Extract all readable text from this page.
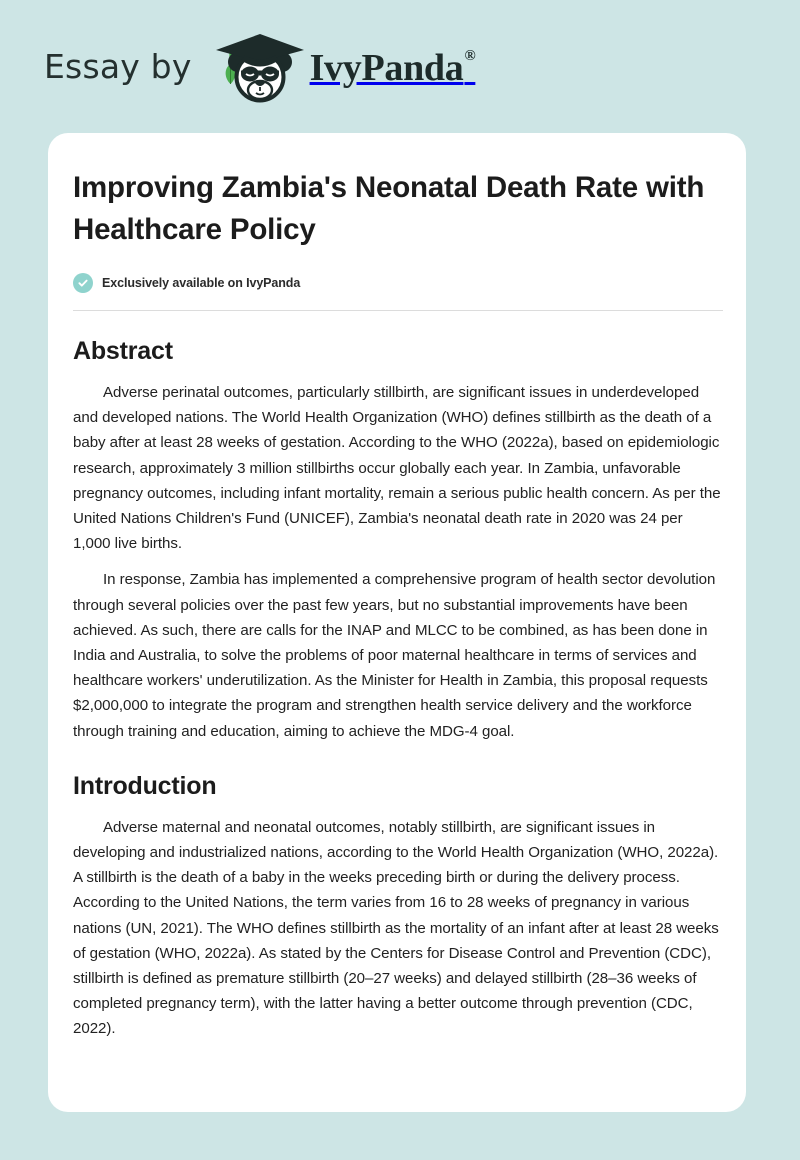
Essay by	IvyPanda®
Improving Zambia's Neonatal Death Rate with Healthcare Policy
Exclusively available on IvyPanda
Abstract

Adverse perinatal outcomes, particularly stillbirth, are significant issues in underdeveloped and developed nations. The World Health Organization (WHO) defines stillbirth as the death of a baby after at least 28 weeks of gestation. According to the WHO (2022a), based on epidemiologic research, approximately 3 million stillbirths occur globally each year. In Zambia, unfavorable pregnancy outcomes, including infant mortality, remain a serious public health concern. As per the United Nations Children's Fund (UNICEF), Zambia's neonatal death rate in 2020 was 24 per 1,000 live births.

In response, Zambia has implemented a comprehensive program of health sector devolution through several policies over the past few years, but no substantial improvements have been achieved. As such, there are calls for the INAP and MLCC to be combined, as has been done in India and Australia, to solve the problems of poor maternal healthcare in terms of services and healthcare workers' underutilization. As the Minister for Health in Zambia, this proposal requests $2,000,000 to integrate the program and strengthen health service delivery and the workforce through training and education, aiming to achieve the MDG-4 goal.

Introduction

Adverse maternal and neonatal outcomes, notably stillbirth, are significant issues in developing and industrialized nations, according to the World Health Organization (WHO, 2022a). A stillbirth is the death of a baby in the weeks preceding birth or during the delivery process. According to the United Nations, the term varies from 16 to 28 weeks of pregnancy in various nations (UN, 2021). The WHO defines stillbirth as the mortality of an infant after at least 28 weeks of gestation (WHO, 2022a). As stated by the Centers for Disease Control and Prevention (CDC), stillbirth is defined as premature stillbirth (20–27 weeks) and delayed stillbirth (28–36 weeks of completed pregnancy term), with the latter having a better outcome through prevention (CDC, 2022).
